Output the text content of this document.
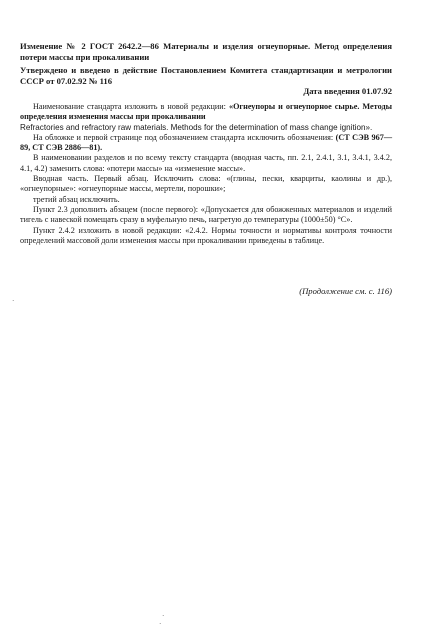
Изменение № 2 ГОСТ 2642.2—86 Материалы и изделия огнеупорные. Метод определения потери массы при прокаливании

Утверждено и введено в действие Постановлением Комитета стандартизации и метрологии СССР от 07.02.92 № 116

Дата введения 01.07.92

Наименование стандарта изложить в новой редакции: «Огнеупоры и огнеупорное сырье. Методы определения изменения массы при прокаливании

Refractories and refractory raw materials. Methods for the determination of mass change ignition».

На обложке и первой странице под обозначением стандарта исключить обозначения: (СТ СЭВ 967—89, СТ СЭВ 2886—81).

В наименовании разделов и по всему тексту стандарта (вводная часть, пп. 2.1, 2.4.1, 3.1, 3.4.1, 3.4.2, 4.1, 4.2) заменить слова: «потери массы» на «изменение массы».

Вводная часть. Первый абзац. Исключить слова: «(глины, пески, кварциты, каолины и др.), «огнеупорные»: «огнеупорные массы, мертели, порошки»;

третий абзац исключить.

Пункт 2.3 дополнить абзацем (после первого): «Допускается для обожженных материалов и изделий тигель с навеской помещать сразу в муфельную печь, нагретую до температуры (1000±50) °С».

Пункт 2.4.2 изложить в новой редакции: «2.4.2. Нормы точности и нормативы контроля точности определений массовой доли изменения массы при прокаливании приведены в таблице.

(Продолжение см. с. 116)
·
·
·
